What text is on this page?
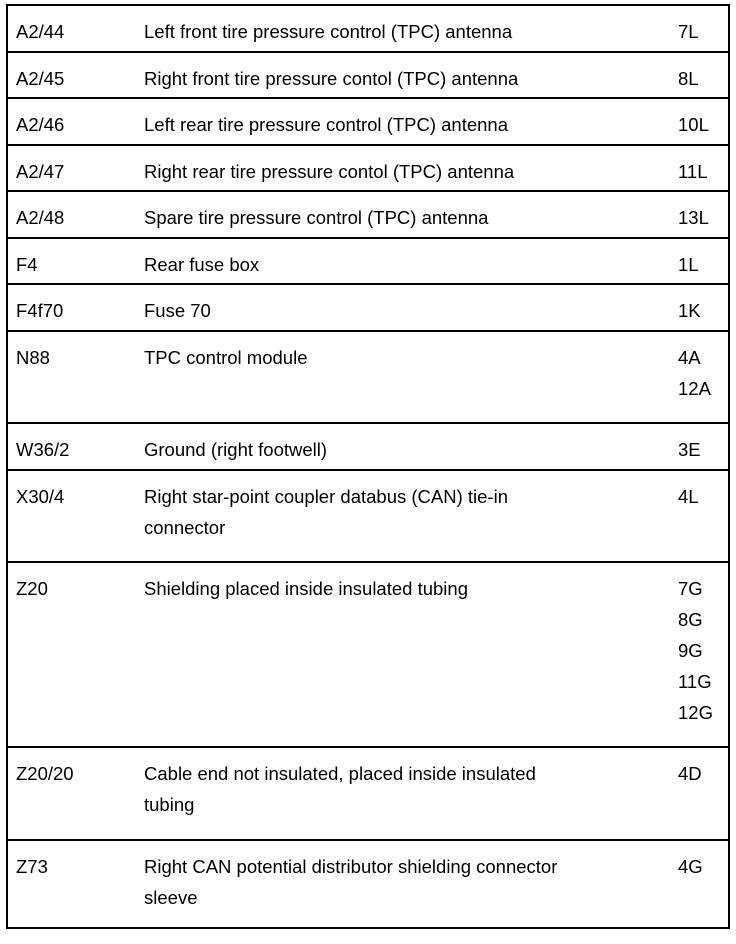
A2/44	Left front tire pressure control (TPC) antenna	7L

A2/45	Right front tire pressure contol (TPC) antenna	8L

A2/46	Left rear tire pressure control (TPC) antenna	10L

A2/47	Right rear tire pressure contol (TPC) antenna	11L

A2/48	Spare tire pressure control (TPC) antenna	13L

F4	Rear fuse box	1L

F4f70	Fuse 70	1K

N88	TPC control module	4A
12A

W36/2	Ground (right footwell)	3E

X30/4	Right star-point coupler databus (CAN) tie-in
connector	4L

Z20	Shielding placed inside insulated tubing	7G
8G
9G
11G
12G

Z20/20	Cable end not insulated, placed inside insulated
tubing	4D

Z73	Right CAN potential distributor shielding connector
sleeve	4G
